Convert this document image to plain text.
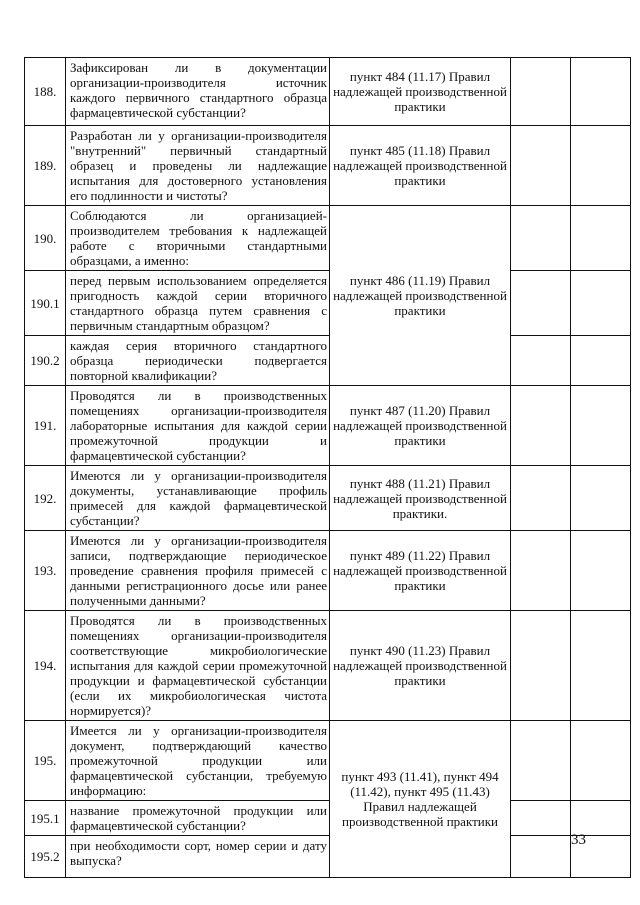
188.	Зафиксирован ли в документации организации-производителя источник каждого первичного стандартного образца фармацевтической субстанции?	пункт 484 (11.17) Правил надлежащей производственной практики		

189.	Разработан ли у организации-производителя "внутренний" первичный стандартный образец и проведены ли надлежащие испытания для достоверного установления его подлинности и чистоты?	пункт 485 (11.18) Правил надлежащей производственной практики		

190.	Соблюдаются ли организацией-производителем требования к надлежащей работе с вторичными стандартными образцами, а именно:	пункт 486 (11.19) Правил надлежащей производственной практики		

190.1	перед первым использованием определяется пригодность каждой серии вторичного стандартного образца путем сравнения с первичным стандартным образцом?			

190.2	каждая серия вторичного стандартного образца периодически подвергается повторной квалификации?			

191.	Проводятся ли в производственных помещениях организации-производителя лабораторные испытания для каждой серии промежуточной продукции и фармацевтической субстанции?	пункт 487 (11.20) Правил надлежащей производственной практики		

192.	Имеются ли у организации-производителя документы, устанавливающие профиль примесей для каждой фармацевтической субстанции?	пункт 488 (11.21) Правил надлежащей производственной практики.		

193.	Имеются ли у организации-производителя записи, подтверждающие периодическое проведение сравнения профиля примесей с данными регистрационного досье или ранее полученными данными?	пункт 489 (11.22) Правил надлежащей производственной практики		

194.	Проводятся ли в производственных помещениях организации-производителя соответствующие микробиологические испытания для каждой серии промежуточной продукции и фармацевтической субстанции (если их микробиологическая чистота нормируется)?	пункт 490 (11.23) Правил надлежащей производственной практики		

195.	Имеется ли у организации-производителя документ, подтверждающий качество промежуточной продукции или фармацевтической субстанции, требуемую информацию:	пункт 493 (11.41), пункт 494 (11.42), пункт 495 (11.43)
Правил надлежащей производственной практики		

195.1	название промежуточной продукции или фармацевтической субстанции?			

195.2	при необходимости сорт, номер серии и дату выпуска?			

33
